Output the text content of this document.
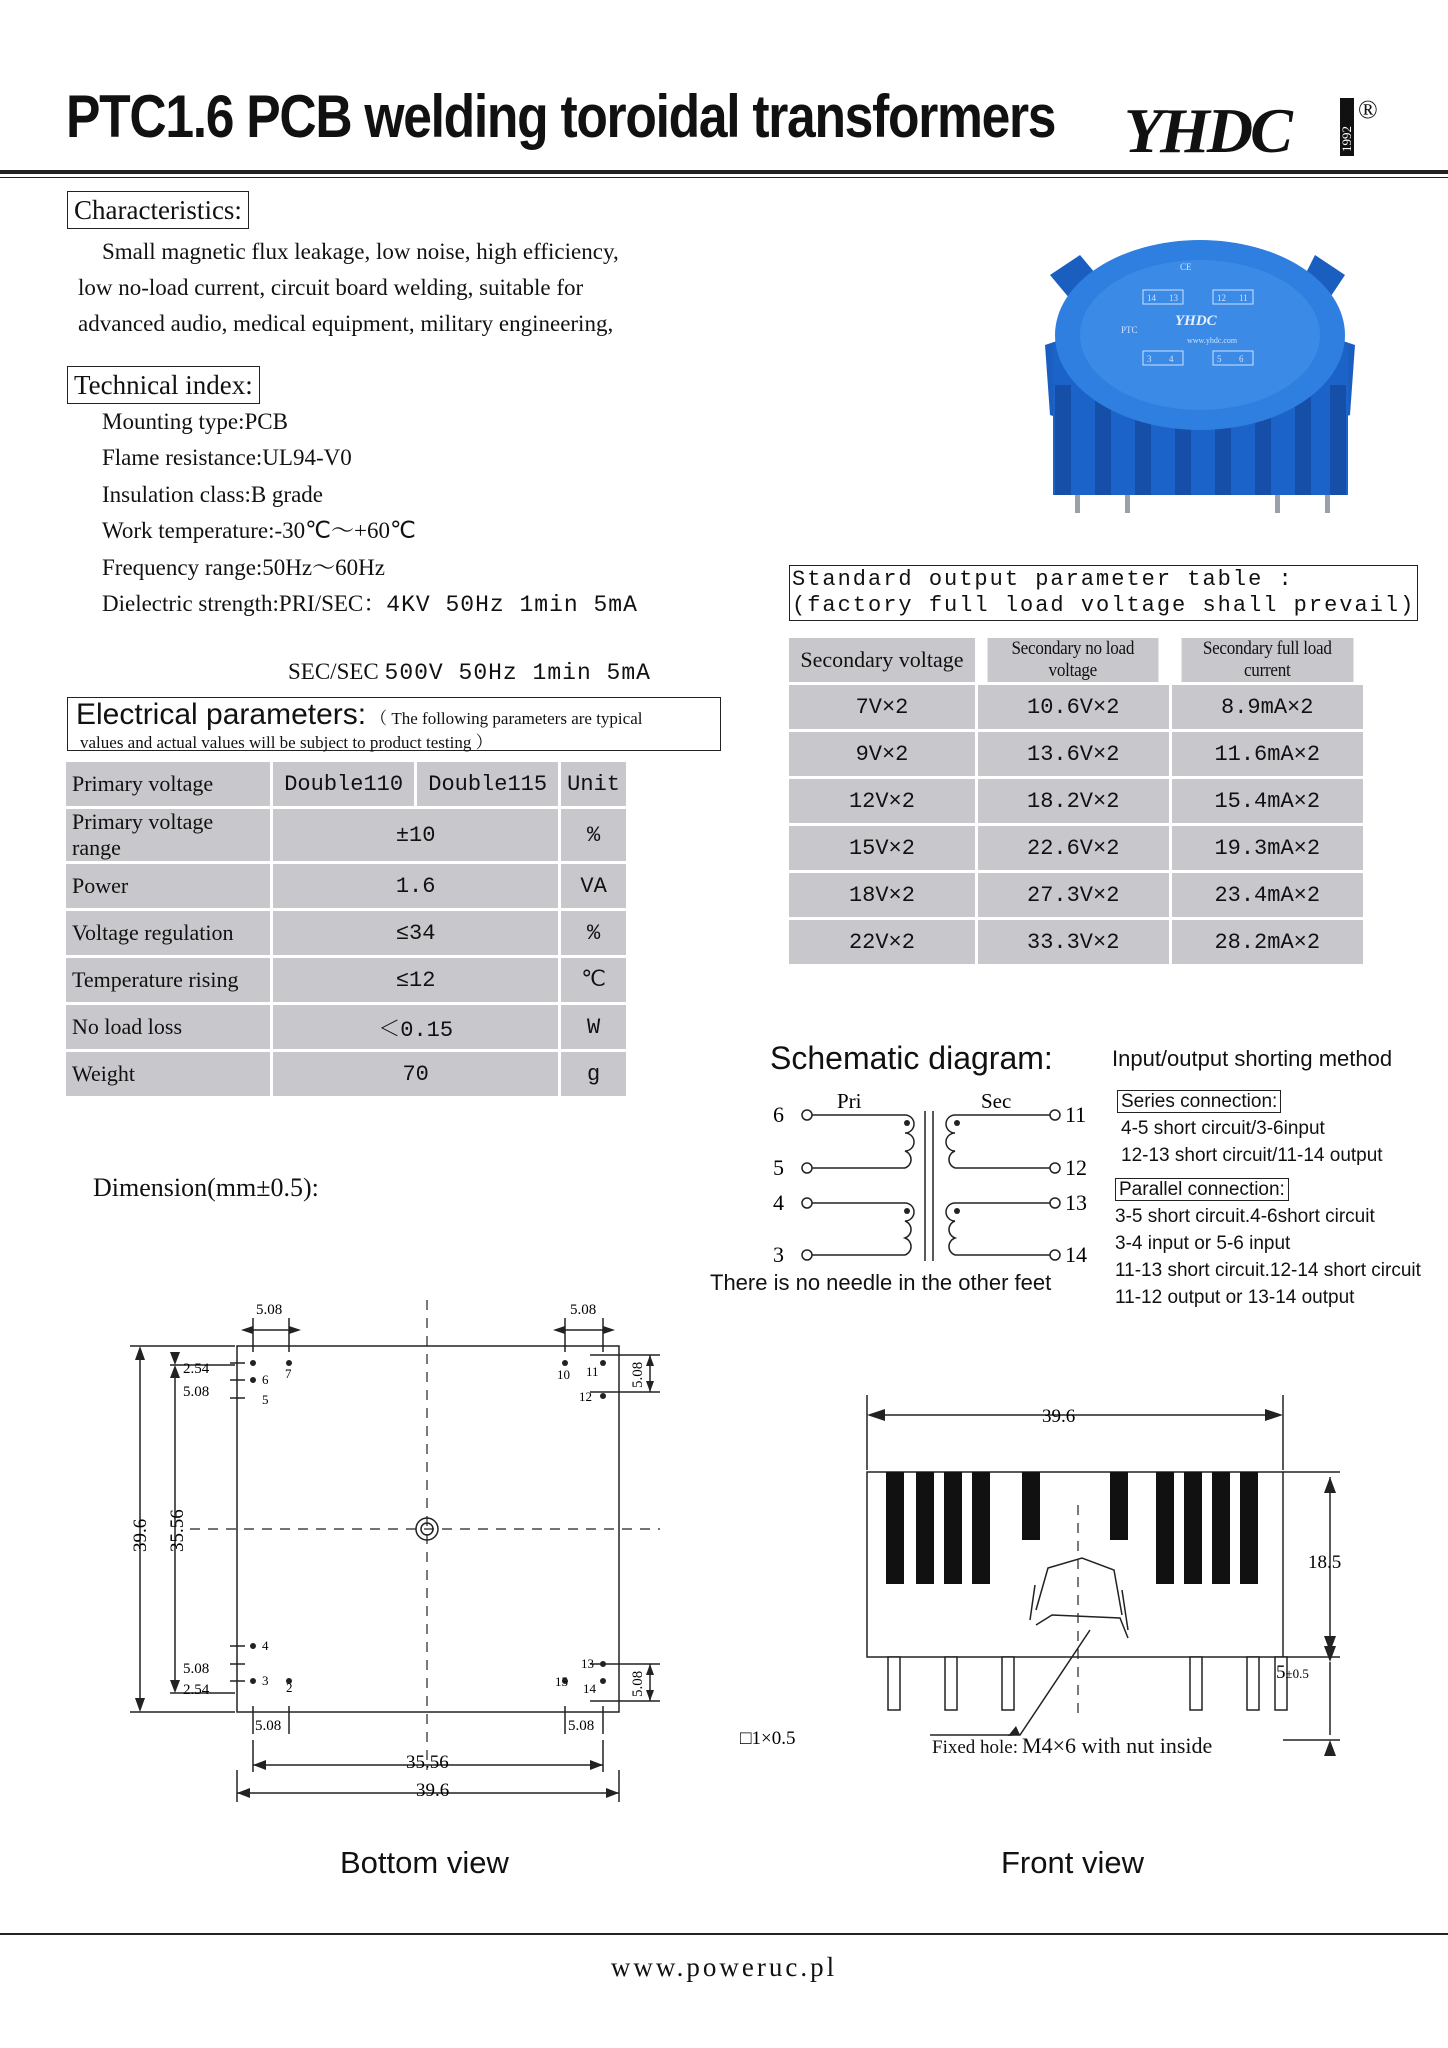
PTC1.6 PCB welding toroidal transformers YHDC	1992
®
Characteristics:
Small magnetic flux leakage, low noise, high efficiency,
low no-load current, circuit board welding, suitable for
advanced audio, medical equipment, military engineering,
Technical index:
Mounting type:PCB
Flame resistance:UL94-V0
Insulation class:B grade
Work temperature:-30℃～+60℃
Frequency range:50Hz～60Hz
Dielectric strength:PRI/SEC：4KV 50Hz 1min 5mA
SEC/SEC 500V 50Hz 1min 5mA
CE
14 13	12 11
YHDC
PTC
www.yhdc.com
3 4	5 6
Standard output parameter table :
(factory full load voltage shall prevail)
Secondary voltage	Secondary no load voltage	Secondary full load current
7V×2	10.6V×2	8.9mA×2
9V×2	13.6V×2	11.6mA×2
12V×2	18.2V×2	15.4mA×2
15V×2	22.6V×2	19.3mA×2
18V×2	27.3V×2	23.4mA×2
22V×2	33.3V×2	28.2mA×2
Electrical parameters: （ The following parameters are typical
values and actual values will be subject to product testing ）
Primary voltage	Double110	Double115	Unit
Primary voltage range	±10		%
Power	1.6		VA
Voltage regulation	≤34		%
Temperature rising	≤12		℃
No load loss	＜0.15		W
Weight	70		g	Schematic diagram:
Pri	Sec
6
5
4
3
11
12
13
14
There is no needle in the other feet
Input/output shorting method
Series connection:
4-5 short circuit/3-6input
12-13 short circuit/11-14 output
Parallel connection:
3-5 short circuit.4-6short circuit
3-4 input or 5-6 input
11-13 short circuit.12-14 short circuit
11-12 output or 13-14 output
Dimension(mm±0.5):
5.08	5.08
2.54
5.08
5.08
2.54
5.08	5.08
5.08
5.08
39.6 35.56
35.56
39.6
6 7
5
10 11
12
4
3 2
13
15 14
Bottom view
39.6
18.5
5±0.5
□1×0.5	Fixed hole: M4×6 with nut inside
Front view
www.poweruc.pl
